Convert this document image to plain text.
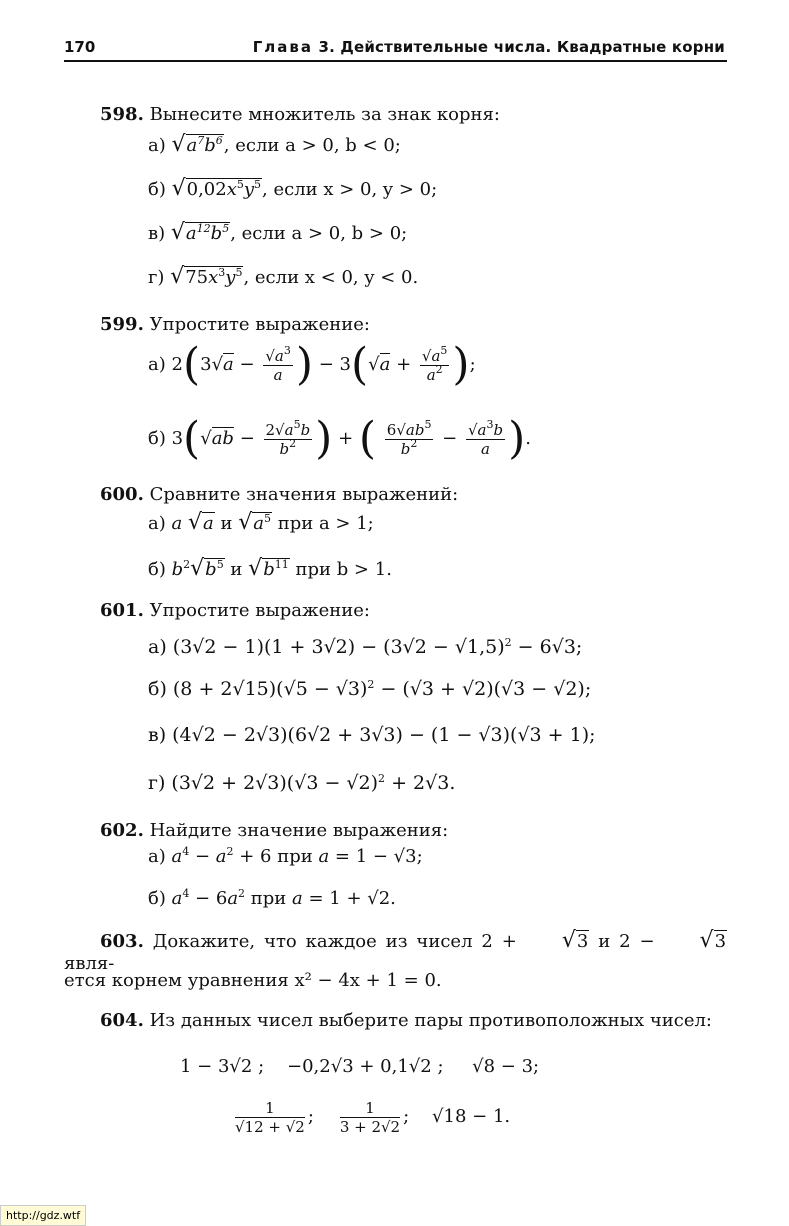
170	Глава 3. Действительные числа. Квадратные корни
598. Вынесите множитель за знак корня:
а) $√a^7b^6$, если a > 0, b < 0;
б) $√0,02x^5y^5$, если x > 0, y > 0;
в) $√a^{12}b^5$, если a > 0, b > 0;
г) $√75x^3y^5$, если x < 0, y < 0.
599. Упростите выражение:
а) $2(3√a - \frac{√a^3}{a}$ ) − $3(√a + \frac{√a^5}{a^2}$ );
б) $3(√ab - \frac{2√a^5b}{b^2}$ ) + ( $\frac{6√ab^5}{b^2} - \frac{√a^3b}{a}$ ).
600. Сравните значения выражений:
а) a √a и $√a^5$ при a > 1;
б) $b^2√b^5$ и $√b^{11}$ при b > 1.
601. Упростите выражение:
а) $(3√2 - 1)(1 + 3√2) - (3√2 - √1,5)^2 - 6√3$;
б) $(8 + 2√15)(√5 - √3)^2 - (√3 + √2)(√3 - √2)$;
в) (4√2 − 2√3)(6√2 + 3√3) − (1 − √3)(√3 + 1);
г) $(3√2 + 2√3)(√3 - √2)^2 + 2√3$.
602. Найдите значение выражения:
а) $a^4 - a^2 + 6$ при a = 1 − √3;
б) $a^4 - 6a^2$ при a = 1 + √2.
603. Докажите, что каждое из чисел 2 + √3 и 2 − √3 явля-
ется корнем уравнения x² − 4x + 1 = 0.
604. Из данных чисел выберите пары противоположных чисел:
1 − 3√2 ;    −0,2√3 + 0,1√2 ;     √8 − 3;
$\frac{1}{√12 + √2}$ ; $\frac{1}{3 + 2√2}$ ;    √18 − 1.
http://gdz.wtf
